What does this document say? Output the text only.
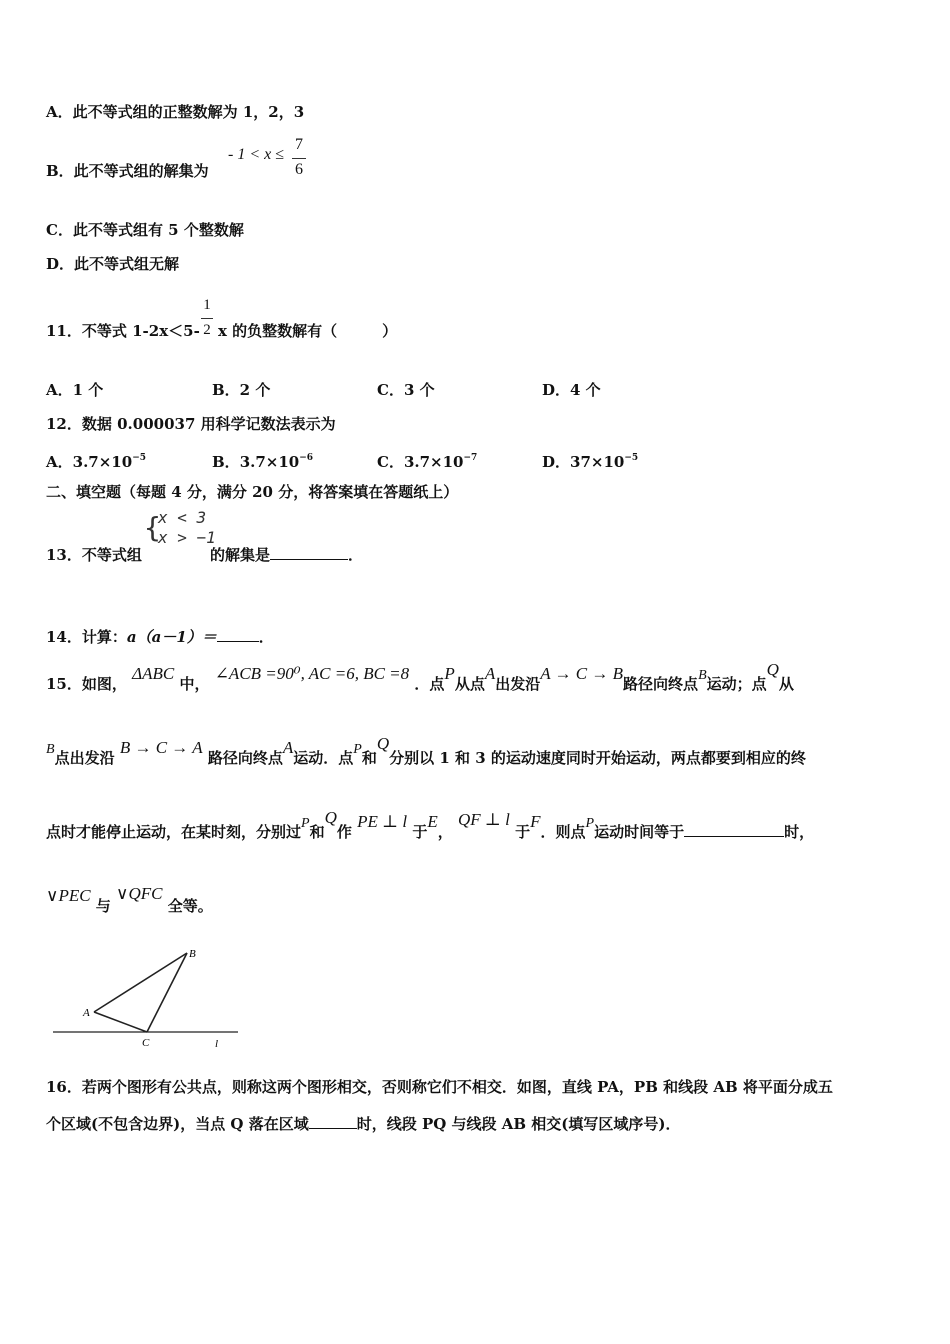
A．此不等式组的正整数解为 1，2，3
B．此不等式组的解集为
- 1 < x ≤
7
6
C．此不等式组有 5 个整数解
D．此不等式组无解
11．不等式 1-2x＜5-
1
2 x 的负整数解有（　　　）
A．1 个	B．2 个	C．3 个	D．4 个
12．数据 0.000037 用科学记数法表示为
A．$3.7\times 10^{-5}$	B．$3.7\times 10^{-6}$	C．$3.7\times 10^{-7}$	D．$37\times 10^{-5}$
二、填空题（每题 4 分，满分 20 分，将答案填在答题纸上）
13．不等式组
{
x < 3
x > −1
的解集是	．
14．计算：a（a－1）＝	．
15．如图， ΔABC 中， ∠ACB =90⁰, AC =6, BC =8 ．点P从点A出发沿A → C → B路径向终点B运动；点Q从
B点出发沿 B → C → A 路径向终点A运动．点P和Q分别以 1 和 3 的运动速度同时开始运动，两点都要到相应的终
点时才能停止运动，在某时刻，分别过P和Q作 PE ⊥ l 于E， QF ⊥ l 于F．则点P运动时间等于	时，
∨PEC 与 ∨QFC 全等。
A
B
C	l
16．若两个图形有公共点，则称这两个图形相交，否则称它们不相交．如图，直线 PA，PB 和线段 AB 将平面分成五
个区域(不包含边界)，当点 Q 落在区域	时，线段 PQ 与线段 AB 相交(填写区域序号)．
